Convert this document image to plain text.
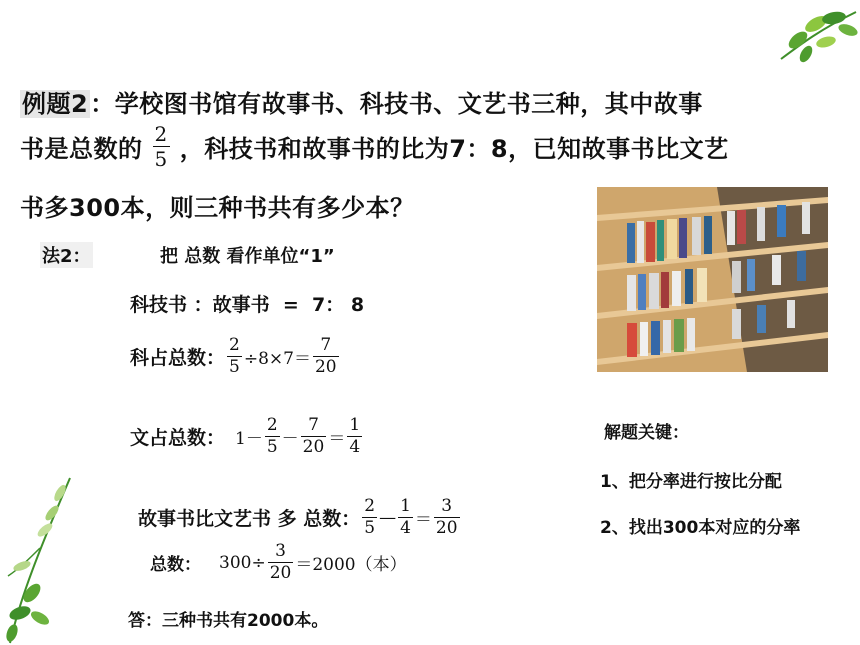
例题2：学校图书馆有故事书、科技书、文艺书三种，其中故事
书是总数的 $\frac{2}{5}$ ，科技书和故事书的比为7：8，已知故事书比文艺
书多300本，则三种书共有多少本？
法2：	把 总数 看作单位“1”
科技书 ：故事书  =  7： 8
科占总数： $\frac{2}{5} \div 8\times 7= \frac{7}{20}$
文占总数： $1- \frac{2}{5} - \frac{7}{20} = \frac{1}{4}$
故事书比文艺书 多 总数： $\frac{2}{5}$ — $\frac{1}{4} = \frac{3}{20}$
总数： $300\div \frac{3}{20} =2000$（本）
答：三种书共有2000本。
解题关键：
1、把分率进行按比分配
2、找出300本对应的分率
